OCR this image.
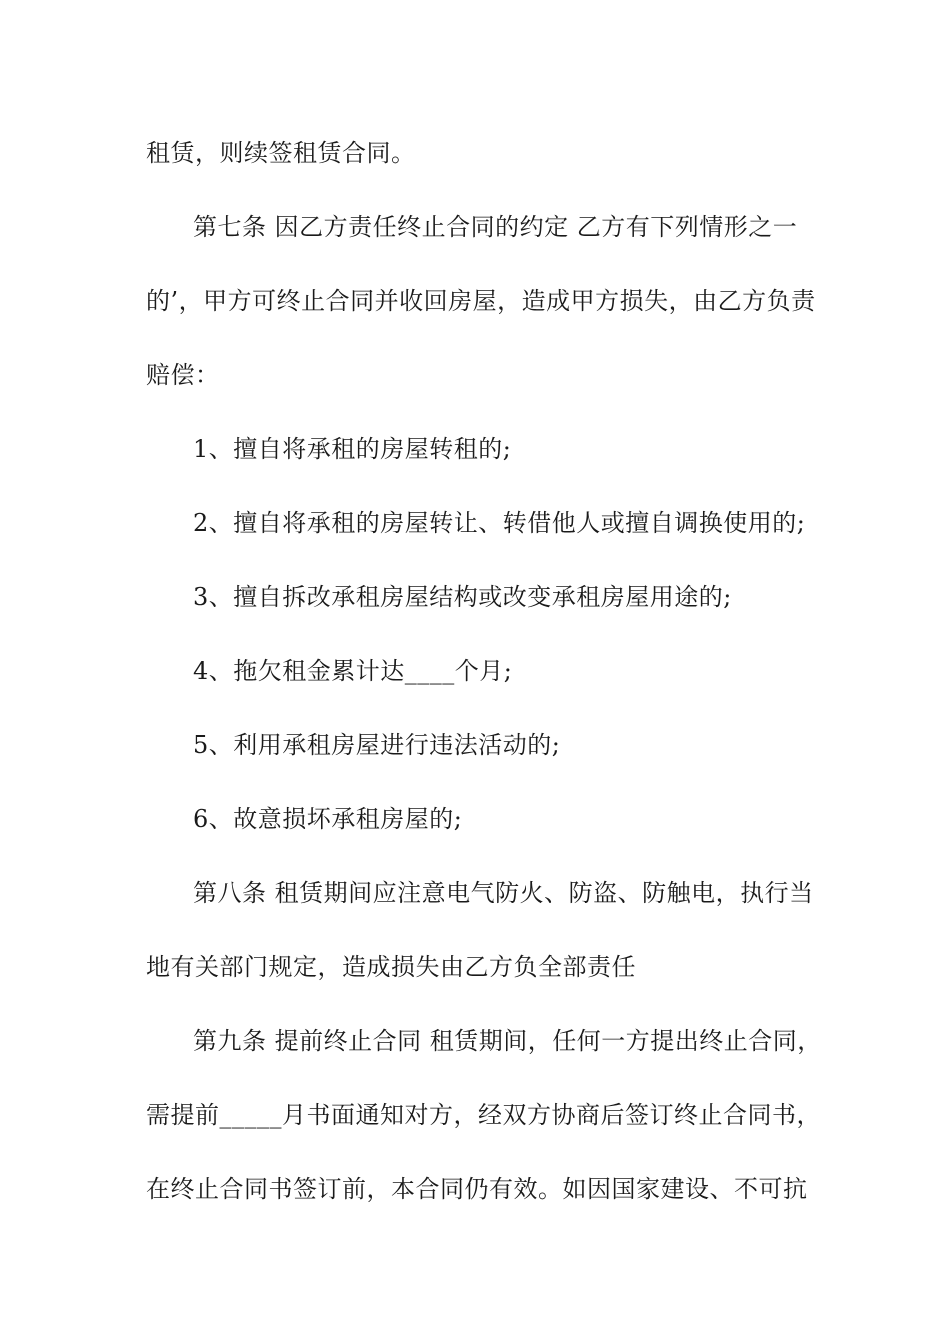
租赁，则续签租赁合同。
第七条 因乙方责任终止合同的约定 乙方有下列情形之一
的’，甲方可终止合同并收回房屋，造成甲方损失，由乙方负责
赔偿：
1、擅自将承租的房屋转租的;
2、擅自将承租的房屋转让、转借他人或擅自调换使用的;
3、擅自拆改承租房屋结构或改变承租房屋用途的;
4、拖欠租金累计达____个月;
5、利用承租房屋进行违法活动的;
6、故意损坏承租房屋的;
第八条 租赁期间应注意电气防火、防盗、防触电，执行当
地有关部门规定，造成损失由乙方负全部责任
第九条 提前终止合同 租赁期间，任何一方提出终止合同，
需提前_____月书面通知对方，经双方协商后签订终止合同书，
在终止合同书签订前，本合同仍有效。如因国家建设、不可抗
